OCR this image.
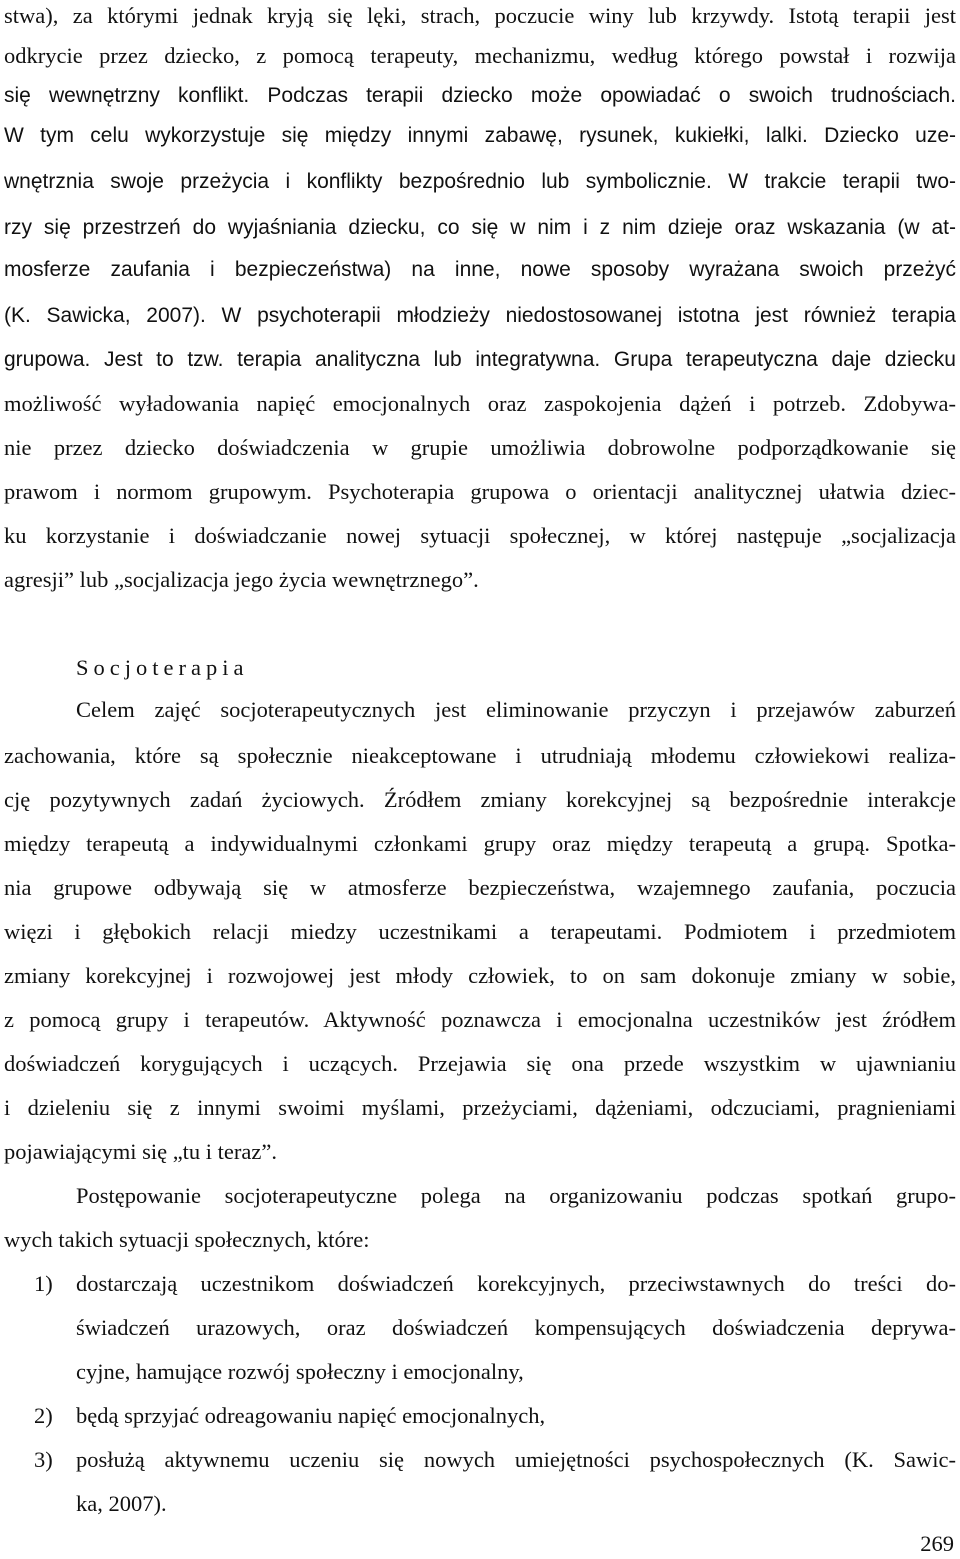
stwa), za którymi jednak kryją się lęki, strach, poczucie winy lub krzywdy. Istotą terapii jest
odkrycie przez dziecko, z pomocą terapeuty, mechanizmu, według którego powstał i rozwija
się wewnętrzny konflikt. Podczas terapii dziecko może opowiadać o swoich trudnościach.
W tym celu wykorzystuje się między innymi zabawę, rysunek, kukiełki, lalki. Dziecko uze-
wnętrznia swoje przeżycia i konflikty bezpośrednio lub symbolicznie. W trakcie terapii two-
rzy się przestrzeń do wyjaśniania dziecku, co się w nim i z nim dzieje oraz wskazania (w at-
mosferze zaufania i bezpieczeństwa) na inne, nowe sposoby wyrażana swoich przeżyć
(K. Sawicka, 2007). W psychoterapii młodzieży niedostosowanej istotna jest również terapia
grupowa. Jest to tzw. terapia analityczna lub integratywna. Grupa terapeutyczna daje dziecku
możliwość wyładowania napięć emocjonalnych oraz zaspokojenia dążeń i potrzeb. Zdobywa-
nie przez dziecko doświadczenia w grupie umożliwia dobrowolne podporządkowanie się
prawom i normom grupowym. Psychoterapia grupowa o orientacji analitycznej ułatwia dziec-
ku korzystanie i doświadczanie nowej sytuacji społecznej, w której następuje „socjalizacja
agresji” lub „socjalizacja jego życia wewnętrznego”.
Socjoterapia
Celem zajęć socjoterapeutycznych jest eliminowanie przyczyn i przejawów zaburzeń
zachowania, które są społecznie nieakceptowane i utrudniają młodemu człowiekowi realiza-
cję pozytywnych zadań życiowych. Źródłem zmiany korekcyjnej są bezpośrednie interakcje
między terapeutą a indywidualnymi członkami grupy oraz między terapeutą a grupą. Spotka-
nia grupowe odbywają się w atmosferze bezpieczeństwa, wzajemnego zaufania, poczucia
więzi i głębokich relacji miedzy uczestnikami a terapeutami. Podmiotem i przedmiotem
zmiany korekcyjnej i rozwojowej jest młody człowiek, to on sam dokonuje zmiany w sobie,
z pomocą grupy i terapeutów. Aktywność poznawcza i emocjonalna uczestników jest źródłem
doświadczeń korygujących i uczących. Przejawia się ona przede wszystkim w ujawnianiu
i dzieleniu się z innymi swoimi myślami, przeżyciami, dążeniami, odczuciami, pragnieniami
pojawiającymi się „tu i teraz”.
Postępowanie socjoterapeutyczne polega na organizowaniu podczas spotkań grupo-
wych takich sytuacji społecznych, które:
1) dostarczają uczestnikom doświadczeń korekcyjnych, przeciwstawnych do treści do-
świadczeń urazowych, oraz doświadczeń kompensujących doświadczenia deprywa-
cyjne, hamujące rozwój społeczny i emocjonalny,
2) będą sprzyjać odreagowaniu napięć emocjonalnych,
3) posłużą aktywnemu uczeniu się nowych umiejętności psychospołecznych (K. Sawic-
ka, 2007).
269
